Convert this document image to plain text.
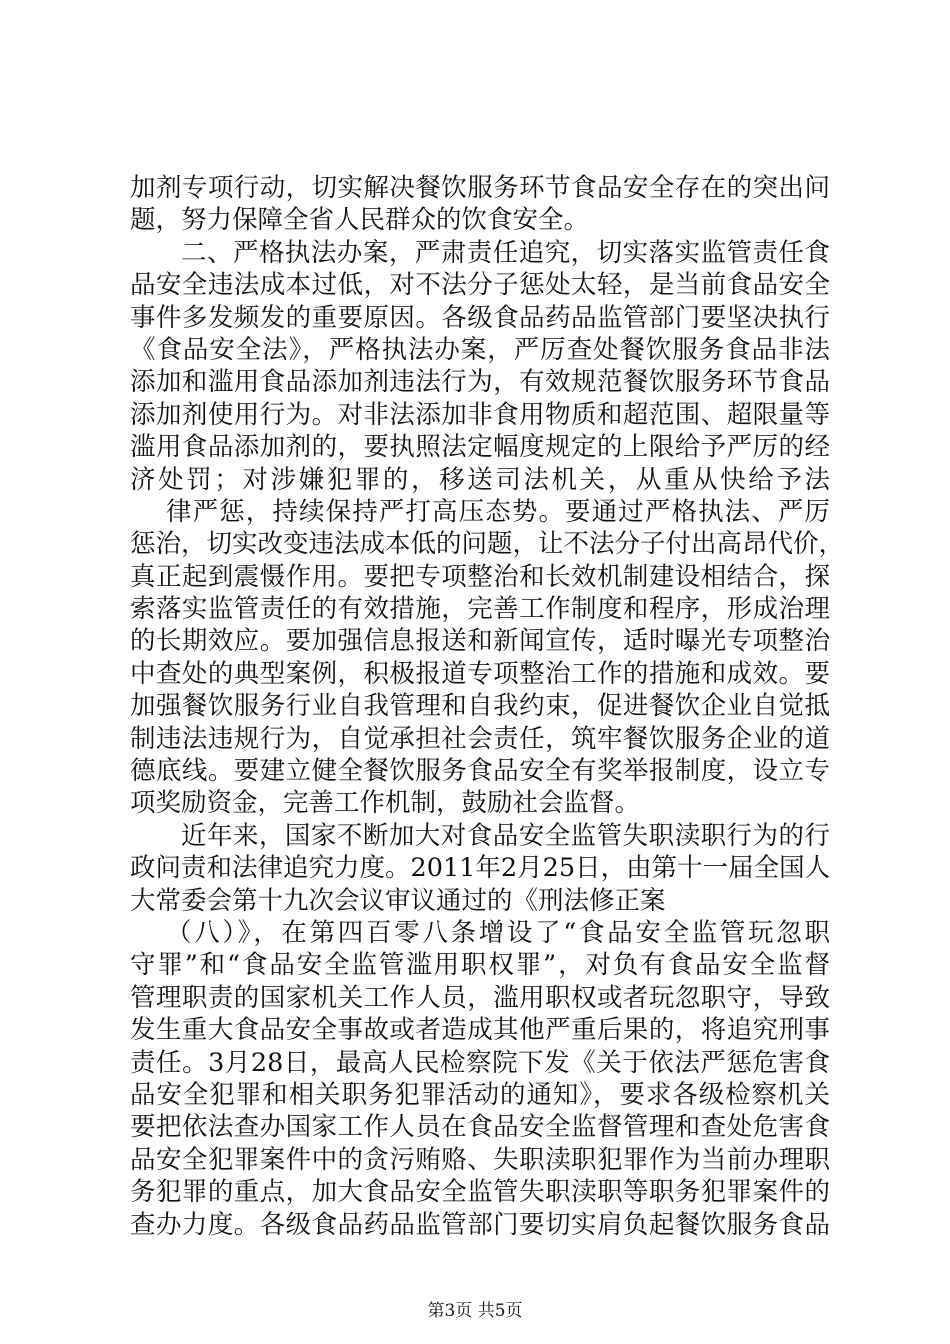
加剂专项行动，切实解决餐饮服务环节食品安全存在的突出问
题，努力保障全省人民群众的饮食安全。
二、严格执法办案，严肃责任追究，切实落实监管责任食
品安全违法成本过低，对不法分子惩处太轻，是当前食品安全
事件多发频发的重要原因。各级食品药品监管部门要坚决执行
《食品安全法》，严格执法办案，严厉查处餐饮服务食品非法
添加和滥用食品添加剂违法行为，有效规范餐饮服务环节食品
添加剂使用行为。对非法添加非食用物质和超范围、超限量等
滥用食品添加剂的，要执照法定幅度规定的上限给予严厉的经
济处罚；对涉嫌犯罪的，移送司法机关，从重从快给予法
律严惩，持续保持严打高压态势。要通过严格执法、严厉
惩治，切实改变违法成本低的问题，让不法分子付出高昂代价，
真正起到震慑作用。要把专项整治和长效机制建设相结合，探
索落实监管责任的有效措施，完善工作制度和程序，形成治理
的长期效应。要加强信息报送和新闻宣传，适时曝光专项整治
中查处的典型案例，积极报道专项整治工作的措施和成效。要
加强餐饮服务行业自我管理和自我约束，促进餐饮企业自觉抵
制违法违规行为，自觉承担社会责任，筑牢餐饮服务企业的道
德底线。要建立健全餐饮服务食品安全有奖举报制度，设立专
项奖励资金，完善工作机制，鼓励社会监督。
近年来，国家不断加大对食品安全监管失职渎职行为的行
政问责和法律追究力度。2011年2月25日，由第十一届全国人
大常委会第十九次会议审议通过的《刑法修正案
（八）》，在第四百零八条增设了“食品安全监管玩忽职
守罪”和“食品安全监管滥用职权罪”，对负有食品安全监督
管理职责的国家机关工作人员，滥用职权或者玩忽职守，导致
发生重大食品安全事故或者造成其他严重后果的，将追究刑事
责任。3月28日，最高人民检察院下发《关于依法严惩危害食
品安全犯罪和相关职务犯罪活动的通知》，要求各级检察机关
要把依法查办国家工作人员在食品安全监督管理和查处危害食
品安全犯罪案件中的贪污贿赂、失职渎职犯罪作为当前办理职
务犯罪的重点，加大食品安全监管失职渎职等职务犯罪案件的
查办力度。各级食品药品监管部门要切实肩负起餐饮服务食品
第3页 共5页
